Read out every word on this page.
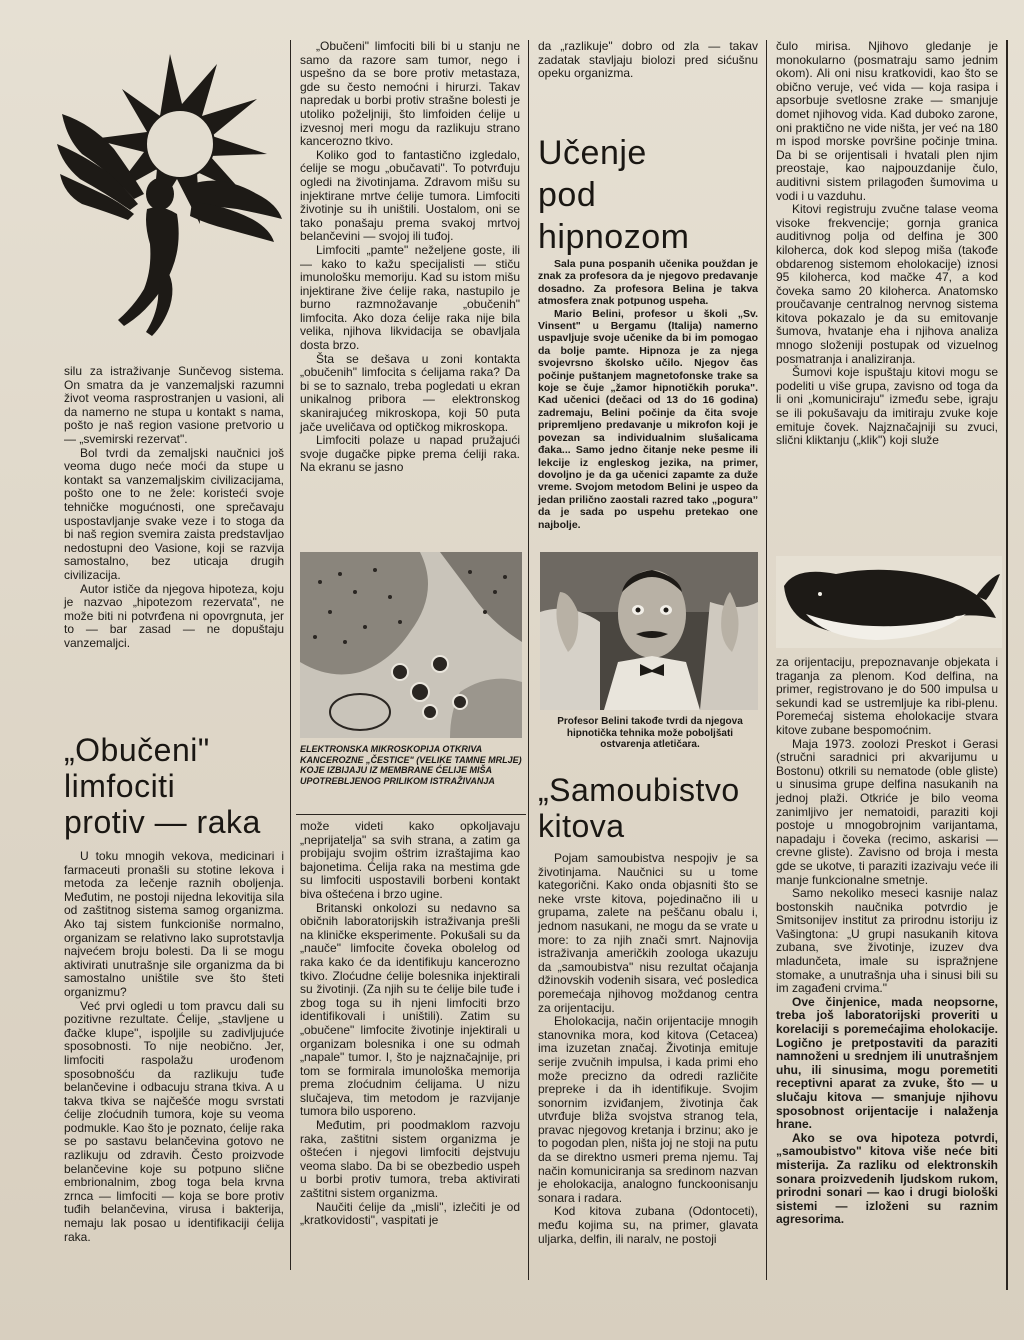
silu za istraživanje Sunčevog sistema. On smatra da je vanzemaljski razumni život veoma rasprostranjen u vasioni, ali da namerno ne stupa u kontakt s nama, pošto je naš region vasione pretvorio u — „svemirski rezervat".

Bol tvrdi da zemaljski naučnici još veoma dugo neće moći da stupe u kontakt sa vanzemaljskim civilizacijama, pošto one to ne žele: koristeći svoje tehničke mogućnosti, one sprečavaju uspostavljanje svake veze i to stoga da bi naš region svemira zaista predstavljao nedostupni deo Vasione, koji se razvija samostalno, bez uticaja drugih civilizacija.

Autor ističe da njegova hipoteza, koju je nazvao „hipotezom rezervata", ne može biti ni potvrđena ni opovrgnuta, jer to — bar zasad — ne dopuštaju vanzemaljci.

„Obučeni"
limfociti
protiv — raka

U toku mnogih vekova, medicinari i farmaceuti pronašli su stotine lekova i metoda za lečenje raznih oboljenja. Međutim, ne postoji nijedna lekovitija sila od zaštitnog sistema samog organizma. Ako taj sistem funkcioniše normalno, organizam se relativno lako suprotstavlja najvećem broju bolesti. Da li se mogu aktivirati unutrašnje sile organizma da bi samostalno uništile sve što šteti organizmu?

Već prvi ogledi u tom pravcu dali su pozitivne rezultate. Ćelije, „stavljene u đačke klupe", ispoljile su zadivljujuće sposobnosti. To nije neobično. Jer, limfociti raspolažu urođenom sposobnošću da razlikuju tuđe belančevine i odbacuju strana tkiva. A u takva tkiva se najčešće mogu svrstati ćelije zloćudnih tumora, koje su veoma podmukle. Kao što je poznato, ćelije raka se po sastavu belančevina gotovo ne razlikuju od zdravih. Često proizvode belančevine koje su potpuno slične embrionalnim, zbog toga bela krvna zrnca — limfociti — koja se bore protiv tuđih belančevina, virusa i bakterija, nemaju lak posao u identifikaciji ćelija raka.

„Obučeni" limfociti bili bi u stanju ne samo da razore sam tumor, nego i uspešno da se bore protiv metastaza, gde su često nemoćni i hirurzi. Takav napredak u borbi protiv strašne bolesti je utoliko poželjniji, što limfoiden ćelije u izvesnoj meri mogu da razlikuju strano kancerozno tkivo.

Koliko god to fantastično izgledalo, ćelije se mogu „obučavati". To potvrđuju ogledi na životinjama. Zdravom mišu su injektirane mrtve ćelije tumora. Limfociti životinje su ih uništili. Uostalom, oni se tako ponašaju prema svakoj mrtvoj belančevini — svojoj ili tuđoj.

Limfociti „pamte" neželjene goste, ili — kako to kažu specijalisti — stiču imunološku memoriju. Kad su istom mišu injektirane žive ćelije raka, nastupilo je burno razmnožavanje „obučenih" limfocita. Ako doza ćelije raka nije bila velika, njihova likvidacija se obavljala dosta brzo.

Šta se dešava u zoni kontakta „obučenih" limfocita s ćelijama raka? Da bi se to saznalo, treba pogledati u ekran unikalnog pribora — elektronskog skanirajućeg mikroskopa, koji 50 puta jače uveličava od optičkog mikroskopa.

Limfociti polaze u napad pružajući svoje dugačke pipke prema ćeliji raka. Na ekranu se jasno

ELEKTRONSKA MIKROSKOPIJA OTKRIVA KANCEROZNE „ČESTICE" (VELIKE TAMNE MRLJE) KOJE IZBIJAJU IZ MEMBRANE ĆELIJE MIŠA UPOTREBLJENOG PRILIKOM ISTRAŽIVANJA

može videti kako opkoljavaju „neprijatelja" sa svih strana, a zatim ga probijaju svojim oštrim izraštajima kao bajonetima. Ćelija raka na mestima gde su limfociti uspostavili borbeni kontakt biva oštećena i brzo ugine.

Britanski onkolozi su nedavno sa običnih laboratorijskih istraživanja prešli na kliničke eksperimente. Pokušali su da „nauče" limfocite čoveka obolelog od raka kako će da identifikuju kancerozno tkivo. Zloćudne ćelije bolesnika injektirali su životinji. (Za njih su te ćelije bile tuđe i zbog toga su ih njeni limfociti brzo identifikovali i uništili). Zatim su „obučene" limfocite životinje injektirali u organizam bolesnika i one su odmah „napale" tumor. I, što je najznačajnije, pri tom se formirala imunološka memorija prema zloćudnim ćelijama. U nizu slučajeva, tim metodom je razvijanje tumora bilo usporeno.

Međutim, pri poodmaklom razvoju raka, zaštitni sistem organizma je oštećen i njegovi limfociti dejstvuju veoma slabo. Da bi se obezbedio uspeh u borbi protiv tumora, treba aktivirati zaštitni sistem organizma.

Naučiti ćelije da „misli", izlečiti je od „kratkovidosti", vaspitati je

da „razlikuje" dobro od zla — takav zadatak stavljaju biolozi pred sićušnu opeku organizma.

Učenje
pod
hipnozom

Sala puna pospanih učenika použdan je znak za profesora da je njegovo predavanje dosadno. Za profesora Belina je takva atmosfera znak potpunog uspeha.

Mario Belini, profesor u školi „Sv. Vinsent" u Bergamu (Italija) namerno uspavljuje svoje učenike da bi im pomogao da bolje pamte. Hipnoza je za njega svojevrsno školsko učilo. Njegov čas počinje puštanjem magnetofonske trake sa koje se čuje „žamor hipnotičkih poruka". Kad učenici (dečaci od 13 do 16 godina) zadremaju, Belini počinje da čita svoje pripremljeno predavanje u mikrofon koji je povezan sa individualnim slušalicama đaka... Samo jedno čitanje neke pesme ili lekcije iz engleskog jezika, na primer, dovoljno je da ga učenici zapamte za duže vreme. Svojom metodom Belini je uspeo da jedan prilično zaostali razred tako „poguraˮ da je sada po uspehu pretekao one najbolje.

Profesor Belini takođe tvrdi da njegova hipnotička tehnika može poboljšati ostvarenja atletičara.

„Samoubistvo
kitova

Pojam samoubistva nespojiv je sa životinjama. Naučnici su u tome kategorični. Kako onda objasniti što se neke vrste kitova, pojedinačno ili u grupama, zalete na peščanu obalu i, jednom nasukani, ne mogu da se vrate u more: to za njih znači smrt. Najnovija istraživanja američkih zoologa ukazuju da „samoubistva" nisu rezultat očajanja džinovskih vodenih sisara, već posledica poremećaja njihovog moždanog centra za orijentaciju.

Eholokacija, način orijentacije mnogih stanovnika mora, kod kitova (Cetacea) ima izuzetan značaj. Životinja emituje serije zvučnih impulsa, i kada primi eho može precizno da odredi različite prepreke i da ih identifikuje. Svojim sonornim izviđanjem, životinja čak utvrđuje bliža svojstva stranog tela, pravac njegovog kretanja i brzinu; ako je to pogodan plen, ništa joj ne stoji na putu da se direktno usmeri prema njemu. Taj način komuniciranja sa sredinom nazvan je eholokacija, analogno funckoonisanju sonara i radara.

Kod kitova zubana (Odontoceti), među kojima su, na primer, glavata uljarka, delfin, ili naralv, ne postoji

čulo mirisa. Njihovo gledanje je monokularno (posmatraju samo jednim okom). Ali oni nisu kratkovidi, kao što se obično veruje, već vida — koja rasipa i apsorbuje svetlosne zrake — smanjuje domet njihovog vida. Kad duboko zarone, oni praktično ne vide ništa, jer već na 180 m ispod morske površine počinje tmina. Da bi se orijentisali i hvatali plen njim preostaje, kao najpouzdanije čulo, auditivni sistem prilagođen šumovima u vodi i u vazduhu.

Kitovi registruju zvučne talase veoma visoke frekvencije; gornja granica auditivnog polja od delfina je 300 kiloherca, dok kod slepog miša (takođe obdarenog sistemom eholokacije) iznosi 95 kiloherca, kod mačke 47, a kod čoveka samo 20 kiloherca. Anatomsko proučavanje centralnog nervnog sistema kitova pokazalo je da su emitovanje šumova, hvatanje eha i njihova analiza mnogo složeniji postupak od vizuelnog posmatranja i analiziranja.

Šumovi koje ispuštaju kitovi mogu se podeliti u više grupa, zavisno od toga da li oni „komuniciraju" između sebe, igraju se ili pokušavaju da imitiraju zvuke koje emituje čovek. Najznačajniji su zvuci, slični kliktanju („klik") koji služe

za orijentaciju, prepoznavanje objekata i traganja za plenom. Kod delfina, na primer, registrovano je do 500 impulsa u sekundi kad se ustremljuje ka ribi-plenu. Poremećaj sistema eholokacije stvara kitove zubane bespomoćnim.

Maja 1973. zoolozi Preskot i Gerasi (stručni saradnici pri akvarijumu u Bostonu) otkrili su nematode (oble gliste) u sinusima grupe delfina nasukanih na jednoj plaži. Otkriće je bilo veoma zanimljivo jer nematoidi, paraziti koji postoje u mnogobrojnim varijantama, napadaju i čoveka (recimo, askarisi — crevne gliste). Zavisno od broja i mesta gde se ukotve, ti paraziti izazivaju veće ili manje funkcionalne smetnje.

Samo nekoliko meseci kasnije nalaz bostonskih naučnika potvrdio je Smitsonijev institut za prirodnu istoriju iz Vašingtona: „U grupi nasukanih kitova zubana, sve životinje, izuzev dva mladunčeta, imale su ispražnjene stomake, a unutrašnja uha i sinusi bili su im zagađeni crvima."

Ove činjenice, mada neopsorne, treba još laboratorijski proveriti u korelaciji s poremećajima eholokacije. Logično je pretpostaviti da paraziti namnoženi u srednjem ili unutrašnjem uhu, ili sinusima, mogu poremetiti receptivni aparat za zvuke, što — u slučaju kitova — smanjuje njihovu sposobnost orijentacije i nalaženja hrane.

Ako se ova hipoteza potvrdi, „samoubistvo" kitova više neće biti misterija. Za razliku od elektronskih sonara proizvedenih ljudskom rukom, prirodni sonari — kao i drugi biološki sistemi — izloženi su raznim agresorima.
